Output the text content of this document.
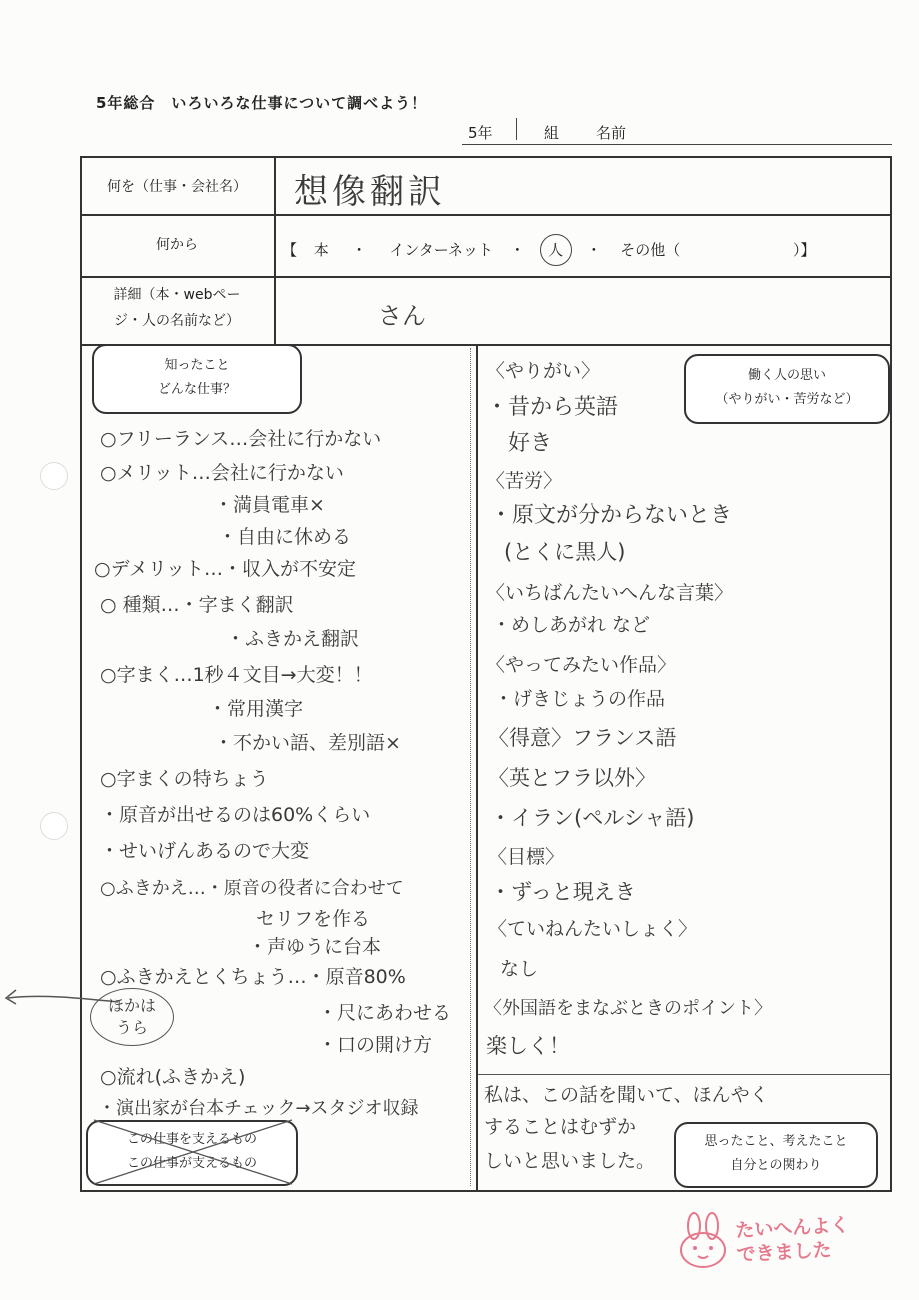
5年総合　いろいろな仕事について調べよう！
5年	組 名前
何を（仕事・会社名）	想像翻訳
何から	【 本 ・ インターネット ・ 人 ・ その他（	）】
詳細（本・webペー
ジ・人の名前など）	さん
知ったこと
どんな仕事？
働く人の思い
（やりがい・苦労など）
○フリーランス…会社に行かない
○メリット…会社に行かない
・満員電車×
・自由に休める
○デメリット…・収入が不安定
○ 種類…・字まく翻訳
・ふきかえ翻訳
○字まく…1秒４文目→大変！！
・常用漢字
・不かい語、差別語×
○字まくの特ちょう
・原音が出せるのは60%くらい
・せいげんあるので大変
○ふきかえ…・原音の役者に合わせて
セリフを作る
・声ゆうに台本
○ふきかえとくちょう…・原音80%
・尺にあわせる
・口の開け方
○流れ(ふきかえ)
・演出家が台本チェック→スタジオ収録
ほかは
うら
この仕事を支えるもの
この仕事が支えるもの
〈やりがい〉
・昔から英語
好き
〈苦労〉
・原文が分からないとき
(とくに黒人)
〈いちばんたいへんな言葉〉
・めしあがれ など
〈やってみたい作品〉
・げきじょうの作品
〈得意〉フランス語
〈英とフラ以外〉
・イラン(ペルシャ語)
〈目標〉
・ずっと現えき
〈ていねんたいしょく〉
なし
〈外国語をまなぶときのポイント〉
楽しく！
私は、この話を聞いて、ほんやく
することはむずか
しいと思いました。
思ったこと、考えたこと
自分との関わり
たいへんよく
できました
